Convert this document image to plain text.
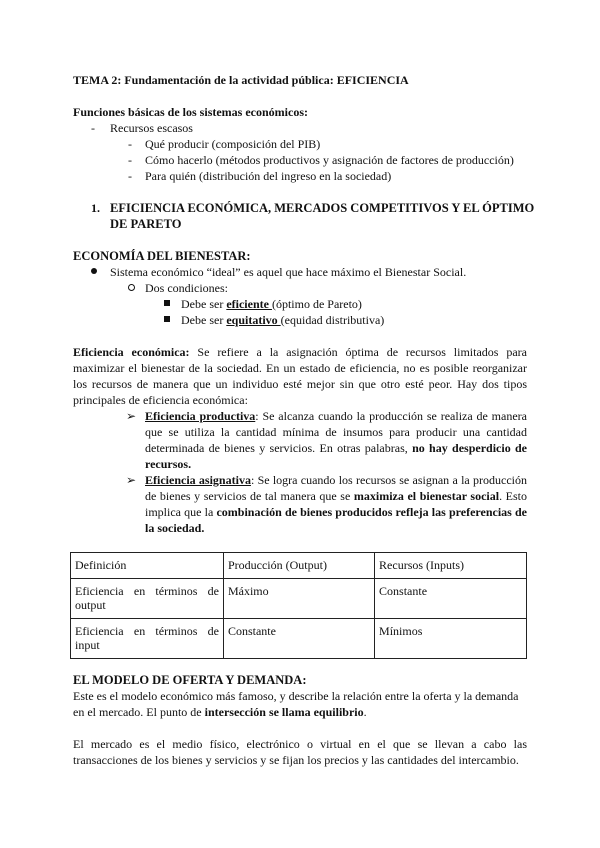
TEMA 2: Fundamentación de la actividad pública: EFICIENCIA
Funciones básicas de los sistemas económicos:
- Recursos escasos
- Qué producir (composición del PIB)
- Cómo hacerlo (métodos productivos y asignación de factores de producción)
- Para quién (distribución del ingreso en la sociedad)
1. EFICIENCIA ECONÓMICA, MERCADOS COMPETITIVOS Y EL ÓPTIMO
DE PARETO
ECONOMÍA DEL BIENESTAR:
Sistema económico “ideal” es aquel que hace máximo el Bienestar Social.
Dos condiciones:
Debe ser eficiente (óptimo de Pareto)
Debe ser equitativo (equidad distributiva)
Eficiencia económica: Se refiere a la asignación óptima de recursos limitados para maximizar el bienestar de la sociedad. En un estado de eficiencia, no es posible reorganizar los recursos de manera que un individuo esté mejor sin que otro esté peor. Hay dos tipos principales de eficiencia económica:
➢ Eficiencia productiva: Se alcanza cuando la producción se realiza de manera que se utiliza la cantidad mínima de insumos para producir una cantidad determinada de bienes y servicios. En otras palabras, no hay desperdicio de recursos.
➢ Eficiencia asignativa: Se logra cuando los recursos se asignan a la producción de bienes y servicios de tal manera que se maximiza el bienestar social. Esto implica que la combinación de bienes producidos refleja las preferencias de la sociedad.
Definición	Producción (Output)	Recursos (Inputs)
Eficiencia en términos de output	Máximo	Constante
Eficiencia en términos de input	Constante	Mínimos
EL MODELO DE OFERTA Y DEMANDA:
Este es el modelo económico más famoso, y describe la relación entre la oferta y la demanda en el mercado. El punto de intersección se llama equilibrio.
El mercado es el medio físico, electrónico o virtual en el que se llevan a cabo las transacciones de los bienes y servicios y se fijan los precios y las cantidades del intercambio.
